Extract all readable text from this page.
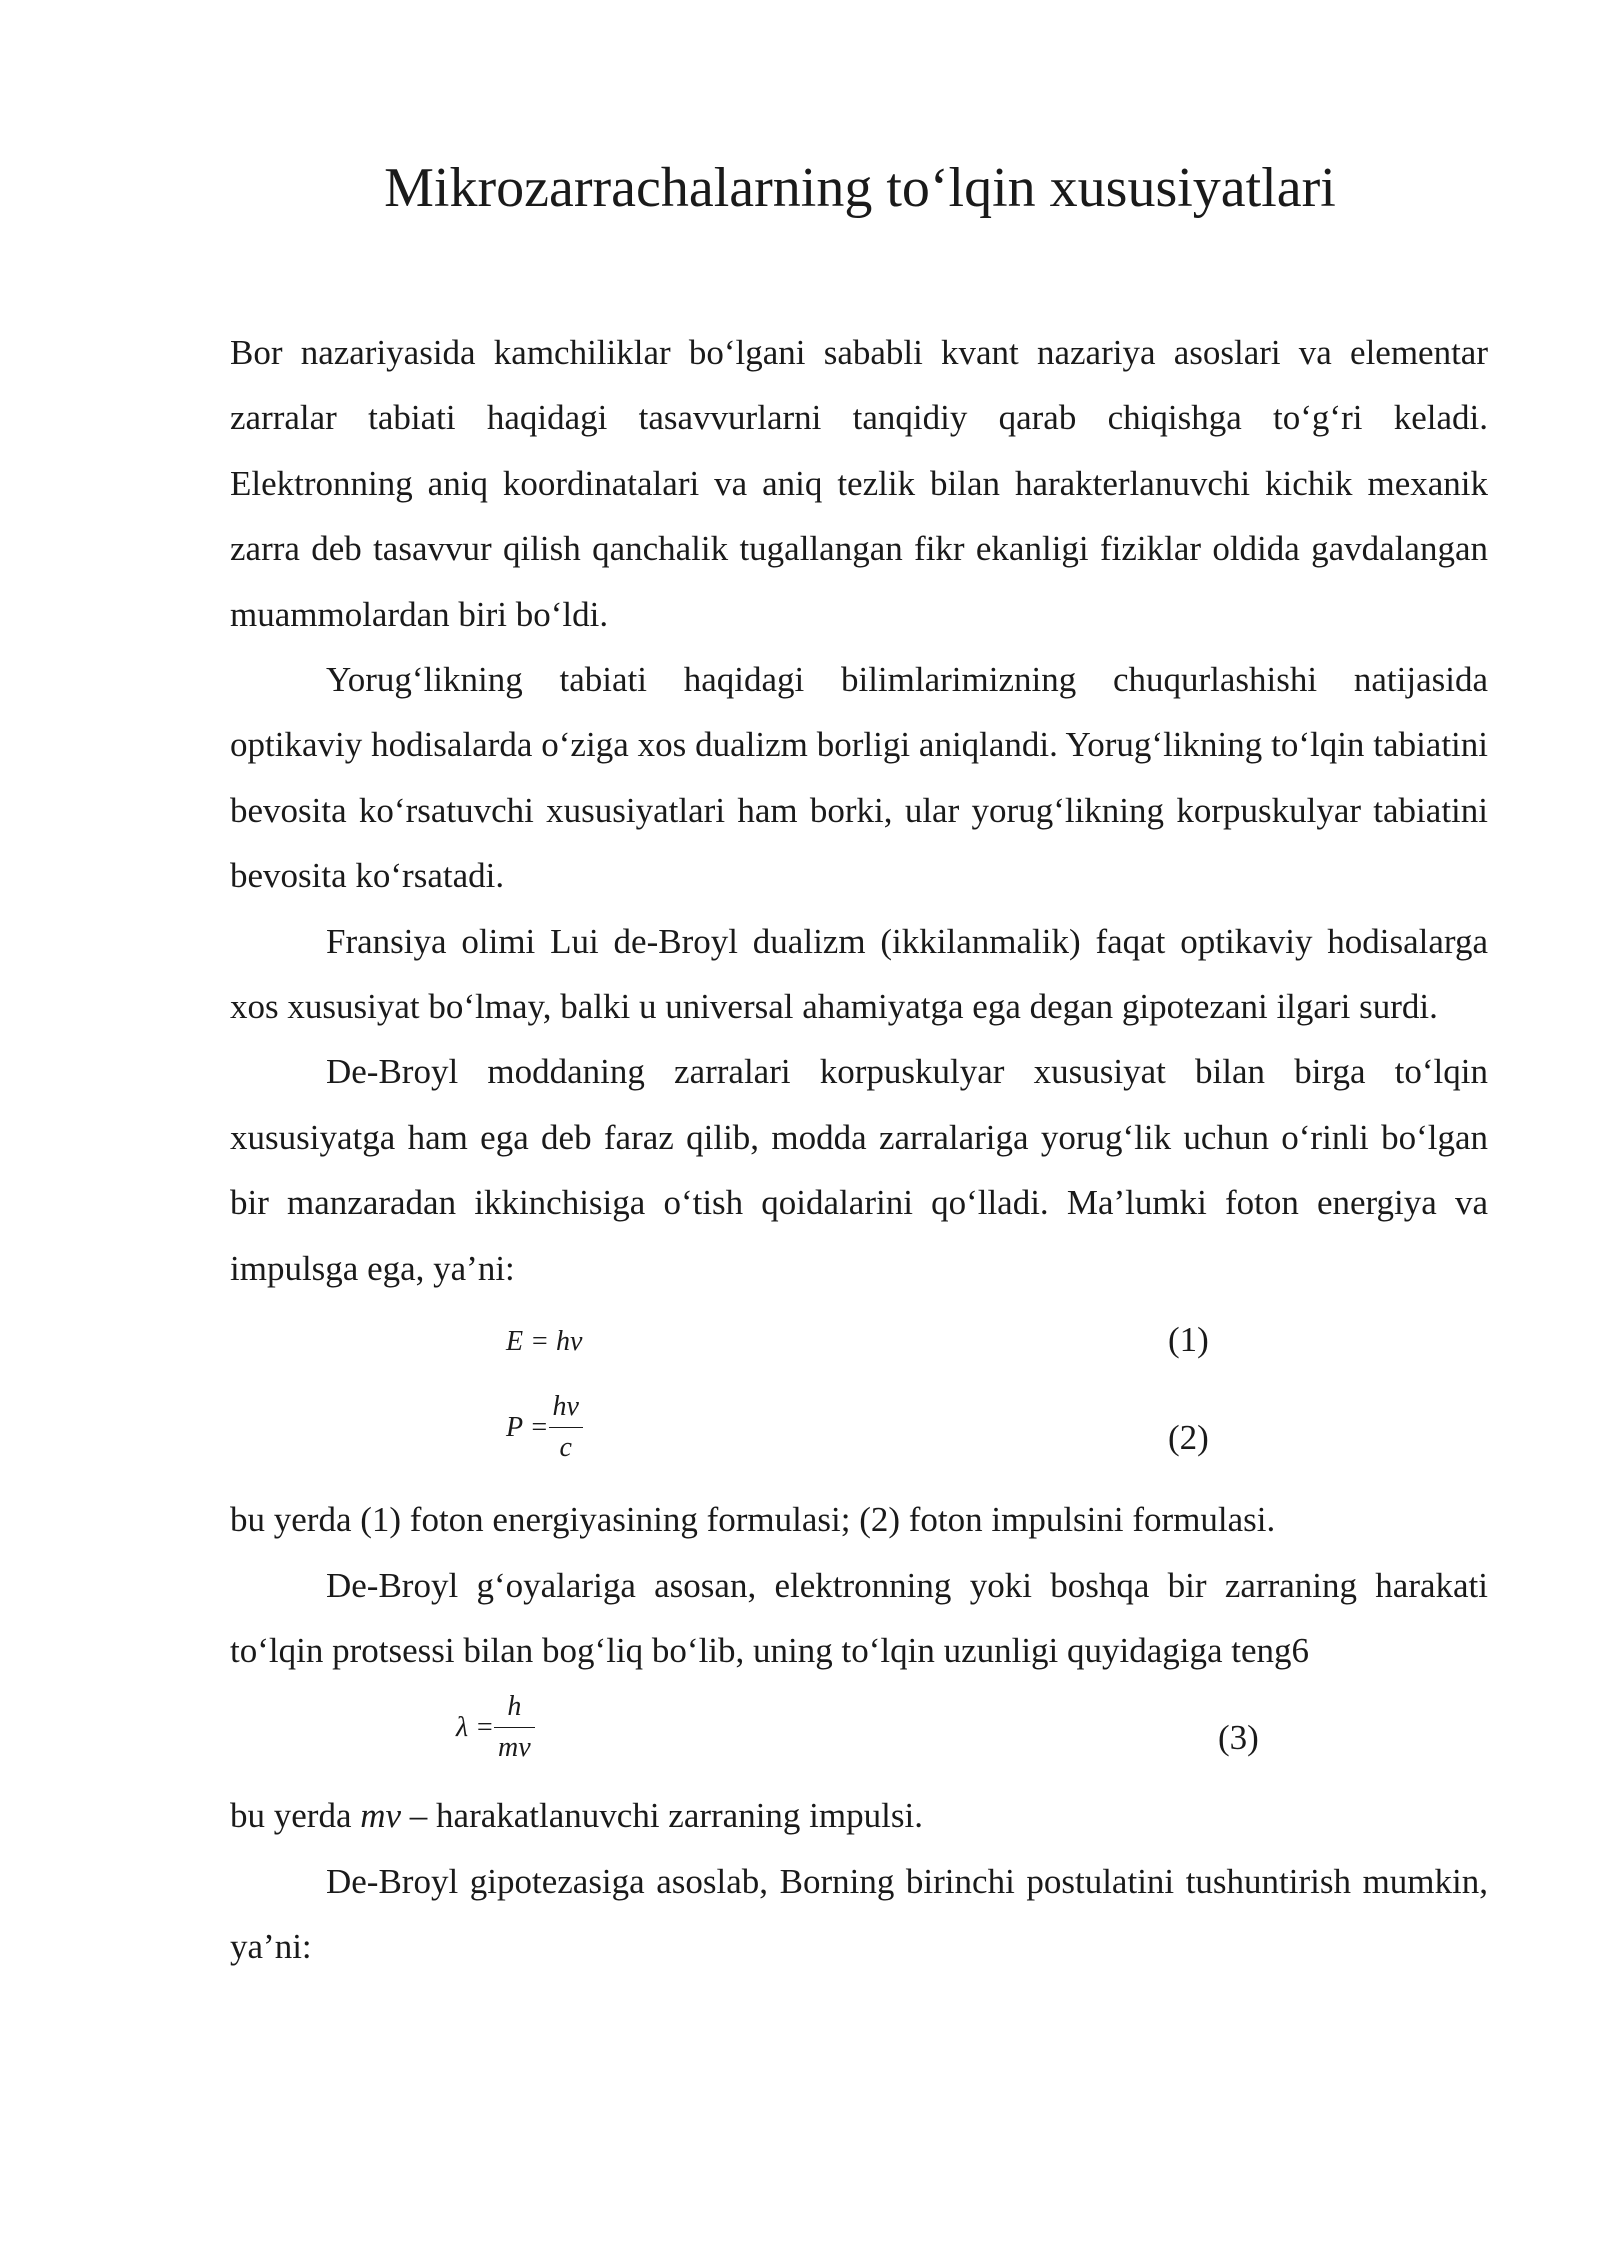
Mikrozarrachalarning to‘lqin xususiyatlari

Bor nazariyasida kamchiliklar bo‘lgani sababli kvant nazariya asoslari va elementar zarralar tabiati haqidagi tasavvurlarni tanqidiy qarab chiqishga to‘g‘ri keladi. Elektronning aniq koordinatalari va aniq tezlik bilan harakterlanuvchi kichik mexanik zarra deb tasavvur qilish qanchalik tugallangan fikr ekanligi fiziklar oldida gavdalangan muammolardan biri bo‘ldi.

Yorug‘likning tabiati haqidagi bilimlarimizning chuqurlashishi natijasida optikaviy hodisalarda o‘ziga xos dualizm borligi aniqlandi. Yorug‘likning to‘lqin tabiatini bevosita ko‘rsatuvchi xususiyatlari ham borki, ular yorug‘likning korpuskulyar tabiatini bevosita ko‘rsatadi.

Fransiya olimi Lui de-Broyl dualizm (ikkilanmalik) faqat optikaviy hodisalarga xos xususiyat bo‘lmay, balki u universal ahamiyatga ega degan gipotezani ilgari surdi.

De-Broyl moddaning zarralari korpuskulyar xususiyat bilan birga to‘lqin xususiyatga ham ega deb faraz qilib, modda zarralariga yorug‘lik uchun o‘rinli bo‘lgan bir manzaradan ikkinchisiga o‘tish qoidalarini qo‘lladi. Ma’lumki foton energiya va impulsga ega, ya’ni:

E = hν	(1)
$P = \frac{h\nu}{c}$	(2)

bu yerda (1) foton energiyasining formulasi; (2) foton impulsini formulasi.

De-Broyl g‘oyalariga asosan, elektronning yoki boshqa bir zarraning harakati to‘lqin protsessi bilan bog‘liq bo‘lib, uning to‘lqin uzunligi quyidagiga teng6

$\lambda = \frac{h}{mv}$	(3)

bu yerda mv – harakatlanuvchi zarraning impulsi.

De-Broyl gipotezasiga asoslab, Borning birinchi postulatini tushuntirish mumkin, ya’ni:
